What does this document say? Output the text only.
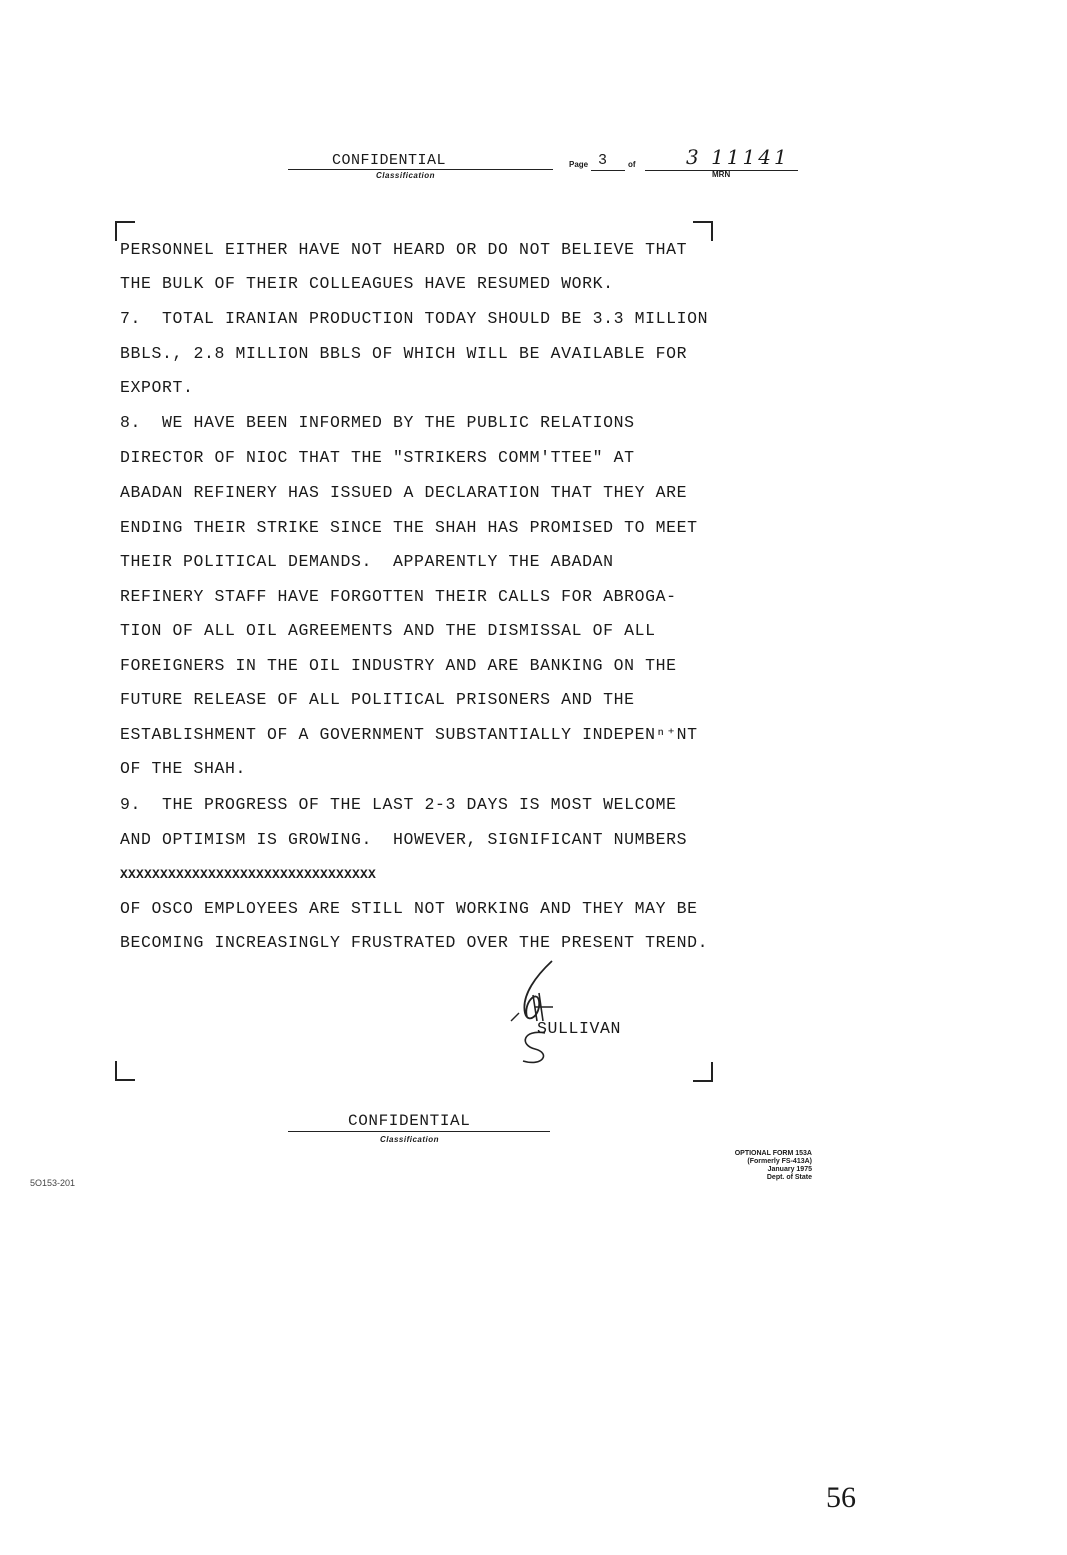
CONFIDENTIAL
Classification
Page 3	of	3 11141
MRN
PERSONNEL EITHER HAVE NOT HEARD OR DO NOT BELIEVE THAT
THE BULK OF THEIR COLLEAGUES HAVE RESUMED WORK.
7.  TOTAL IRANIAN PRODUCTION TODAY SHOULD BE 3.3 MILLION
BBLS., 2.8 MILLION BBLS OF WHICH WILL BE AVAILABLE FOR
EXPORT.
8.  WE HAVE BEEN INFORMED BY THE PUBLIC RELATIONS
DIRECTOR OF NIOC THAT THE "STRIKERS COMM'TTEE" AT
ABADAN REFINERY HAS ISSUED A DECLARATION THAT THEY ARE
ENDING THEIR STRIKE SINCE THE SHAH HAS PROMISED TO MEET
THEIR POLITICAL DEMANDS.  APPARENTLY THE ABADAN
REFINERY STAFF HAVE FORGOTTEN THEIR CALLS FOR ABROGA-
TION OF ALL OIL AGREEMENTS AND THE DISMISSAL OF ALL
FOREIGNERS IN THE OIL INDUSTRY AND ARE BANKING ON THE
FUTURE RELEASE OF ALL POLITICAL PRISONERS AND THE
ESTABLISHMENT OF A GOVERNMENT SUBSTANTIALLY INDEPENⁿ⁺NT
OF THE SHAH.
9.  THE PROGRESS OF THE LAST 2-3 DAYS IS MOST WELCOME
AND OPTIMISM IS GROWING.  HOWEVER, SIGNIFICANT NUMBERS
XXXXXXXXXXXXXXXXXXXXXXXXXXXXXXXX
OF OSCO EMPLOYEES ARE STILL NOT WORKING AND THEY MAY BE
BECOMING INCREASINGLY FRUSTRATED OVER THE PRESENT TREND.
SULLIVAN
CONFIDENTIAL
Classification
5O153-201
OPTIONAL FORM 153A
(Formerly FS-413A)
January 1975
Dept. of State
56
